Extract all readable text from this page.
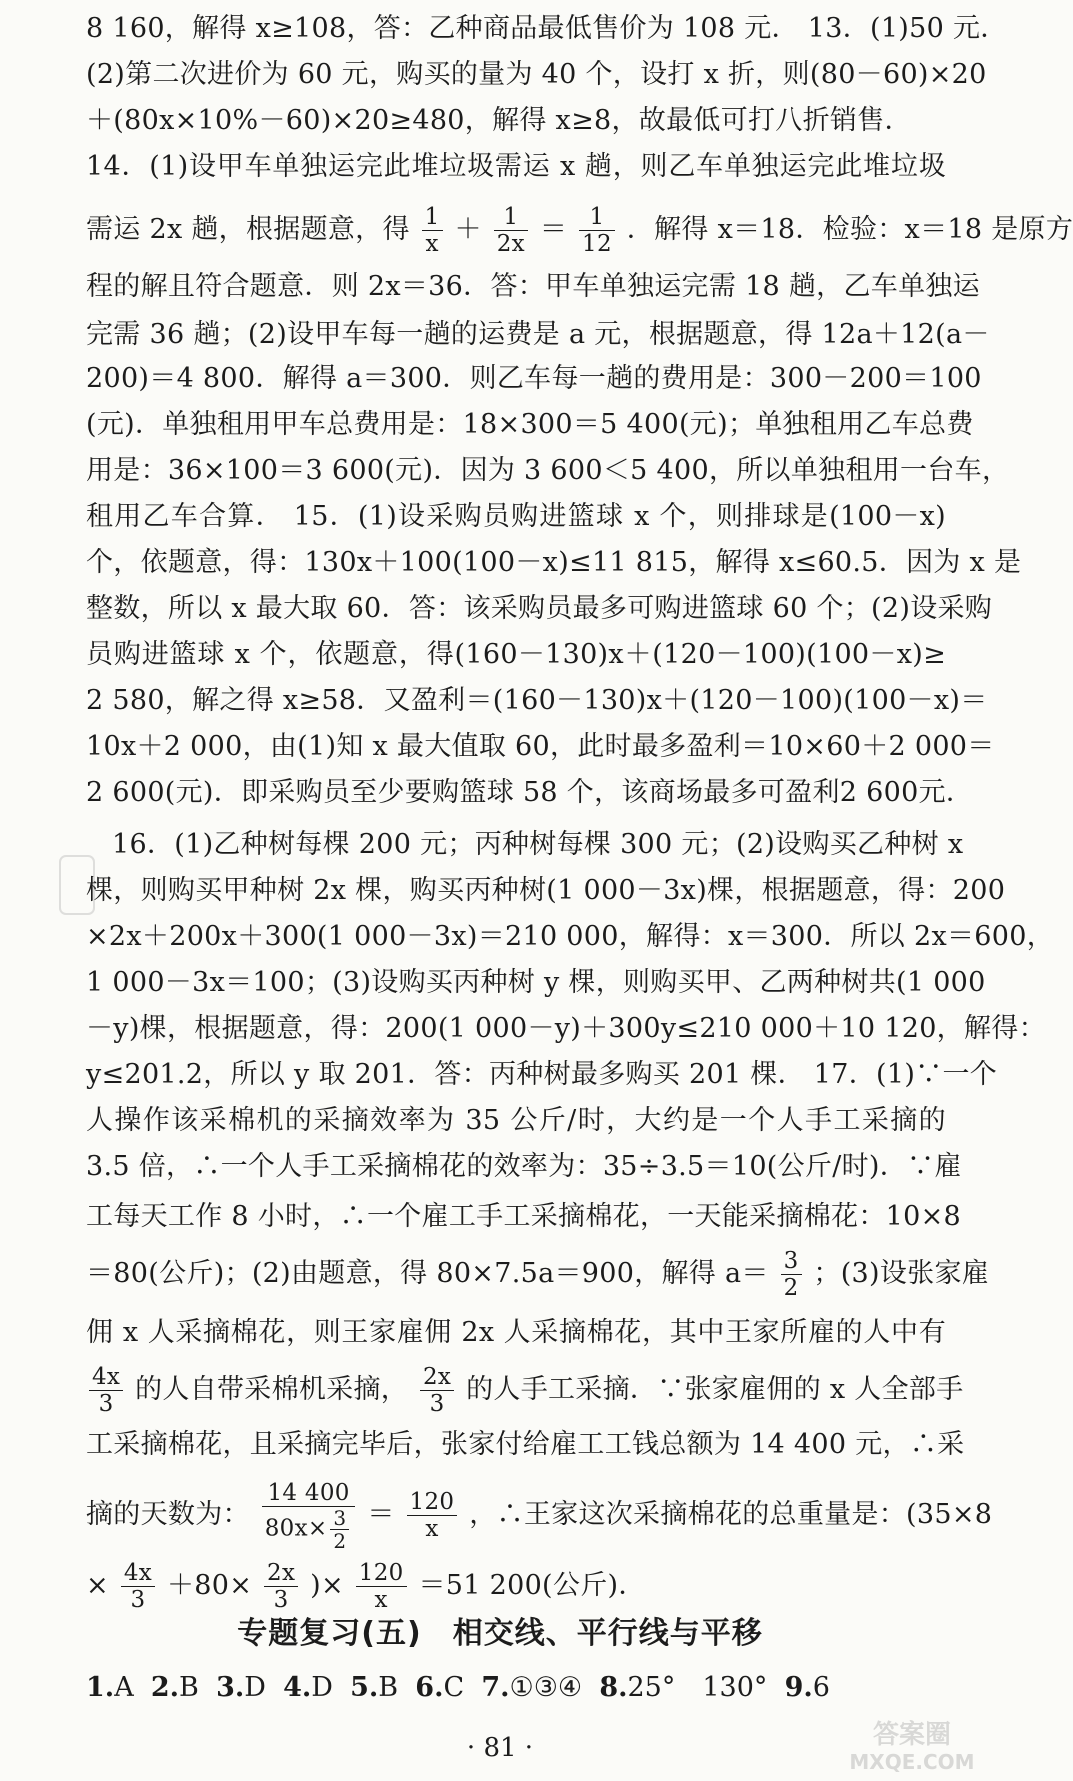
8 160，解得 x≥108，答：乙种商品最低售价为 108 元． 13．(1)50 元．
(2)第二次进价为 60 元，购买的量为 40 个，设打 x 折，则(80－60)×20
＋(80x×10%－60)×20≥480，解得 x≥8，故最低可打八折销售．
14．(1)设甲车单独运完此堆垃圾需运 x 趟，则乙车单独运完此堆垃圾
需运 2x 趟，根据题意，得 $\frac{1}{x} + \frac{1}{2x} = \frac{1}{12}$ ．解得 x＝18．检验：x＝18 是原方
程的解且符合题意．则 2x＝36．答：甲车单独运完需 18 趟，乙车单独运
完需 36 趟；(2)设甲车每一趟的运费是 a 元，根据题意，得 12a＋12(a－
200)＝4 800．解得 a＝300．则乙车每一趟的费用是：300－200＝100
(元)．单独租用甲车总费用是：18×300＝5 400(元)；单独租用乙车总费
用是：36×100＝3 600(元)．因为 3 600＜5 400，所以单独租用一台车，
租用乙车合算． 15．(1)设采购员购进篮球 x 个，则排球是(100－x)
个，依题意，得：130x＋100(100－x)≤11 815，解得 x≤60.5．因为 x 是
整数，所以 x 最大取 60．答：该采购员最多可购进篮球 60 个；(2)设采购
员购进篮球 x 个，依题意，得(160－130)x＋(120－100)(100－x)≥
2 580，解之得 x≥58．又盈利＝(160－130)x＋(120－100)(100－x)＝
10x＋2 000，由(1)知 x 最大值取 60，此时最多盈利＝10×60＋2 000＝
2 600(元)．即采购员至少要购篮球 58 个，该商场最多可盈利2 600元．
16．(1)乙种树每棵 200 元；丙种树每棵 300 元；(2)设购买乙种树 x
棵，则购买甲种树 2x 棵，购买丙种树(1 000－3x)棵，根据题意，得：200
×2x＋200x＋300(1 000－3x)＝210 000，解得：x＝300．所以 2x＝600，
1 000－3x＝100；(3)设购买丙种树 y 棵，则购买甲、乙两种树共(1 000
－y)棵，根据题意，得：200(1 000－y)＋300y≤210 000＋10 120，解得：
y≤201.2，所以 y 取 201．答：丙种树最多购买 201 棵． 17．(1)∵一个
人操作该采棉机的采摘效率为 35 公斤/时，大约是一个人手工采摘的
3.5 倍，∴一个人手工采摘棉花的效率为：35÷3.5＝10(公斤/时)．∵雇
工每天工作 8 小时，∴一个雇工手工采摘棉花，一天能采摘棉花：10×8
＝80(公斤)；(2)由题意，得 80×7.5a＝900，解得 $a= \frac{3}{2}$ ；(3)设张家雇
佣 x 人采摘棉花，则王家雇佣 2x 人采摘棉花，其中王家所雇的人中有
$\frac{4x}{3}$ 的人自带采棉机采摘， $\frac{2x}{3}$ 的人手工采摘．∵张家雇佣的 x 人全部手
工采摘棉花，且采摘完毕后，张家付给雇工工钱总额为 14 400 元，∴采
摘的天数为： $\frac{14 400}{80x\times \frac{3}{2}} = \frac{120}{x}$ ，∴王家这次采摘棉花的总重量是：(35×8
× $\frac{4x}{3} +80\times \frac{2x}{3}$ )× $\frac{120}{x} =51$ 200(公斤)．
专题复习(五)　相交线、平行线与平移
1.A 2.B 3.D 4.D 5.B 6.C 7.①③④ 8.25°　130° 9.6
· 81 ·	答案圈
MXQE.COM
